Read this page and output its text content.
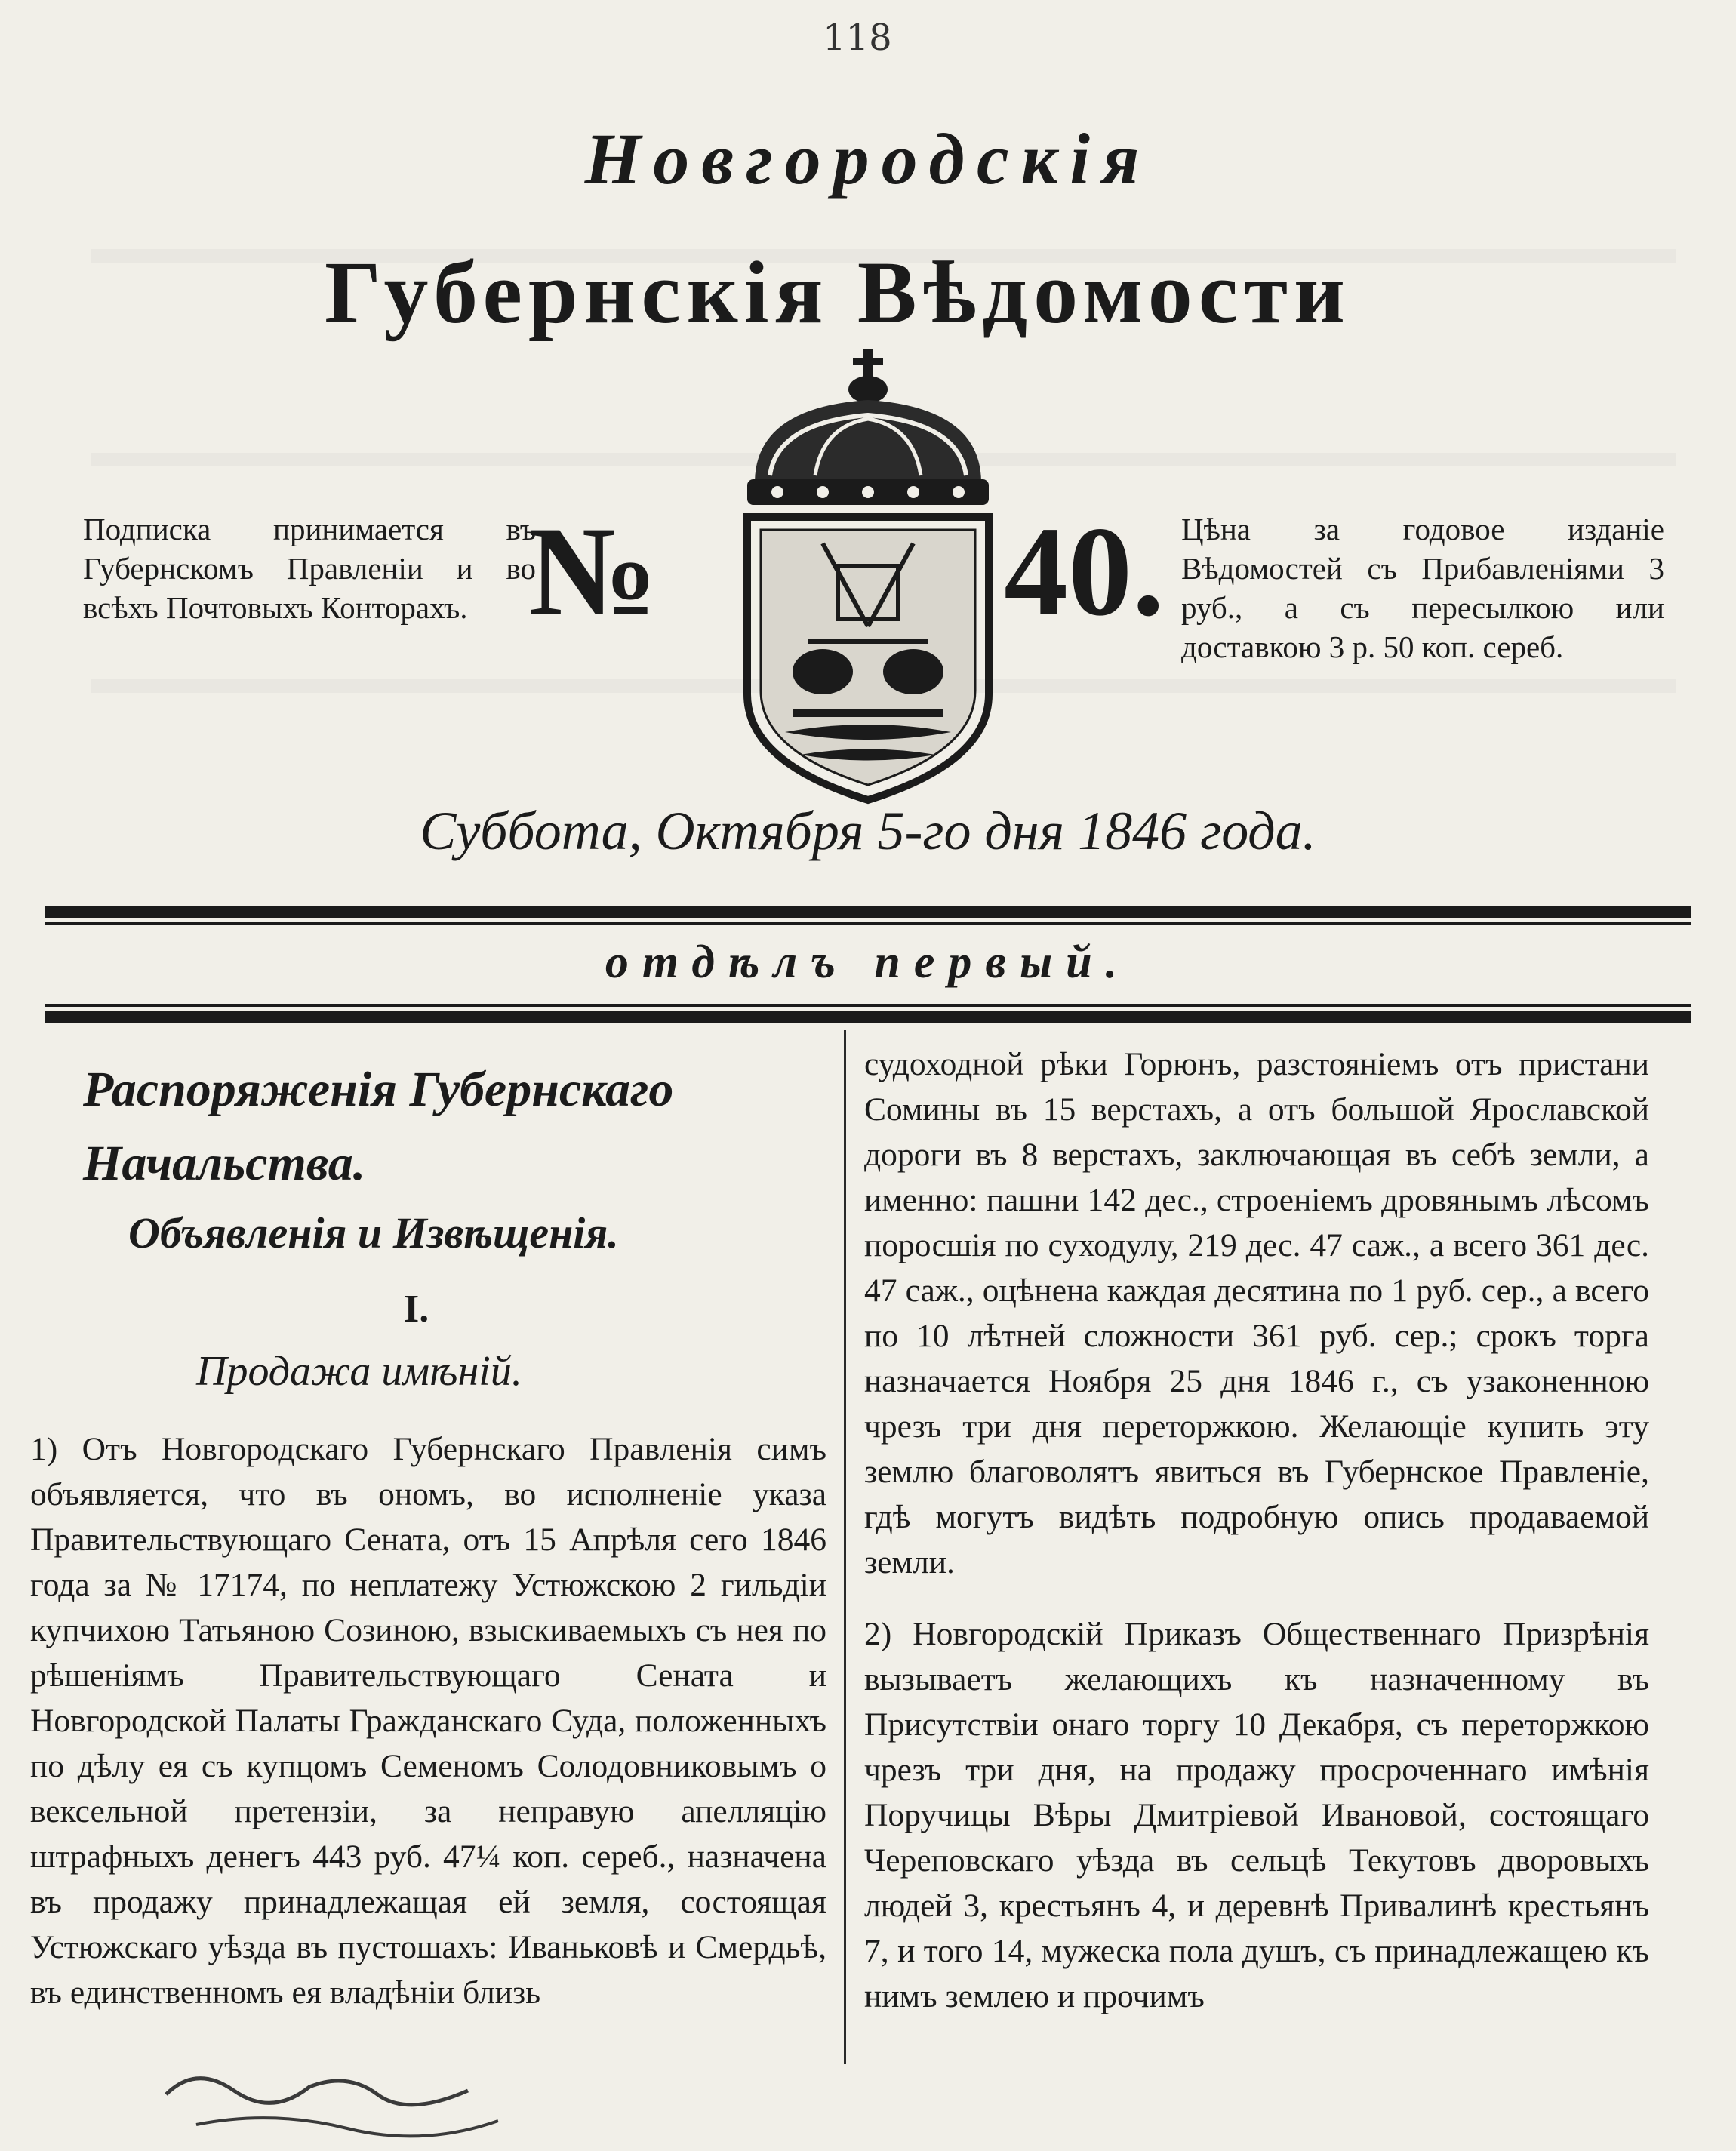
118
Новгородскія
Губернскія Вѣдомости
Подписка принимается въ Губернскомъ Правленіи и во всѣхъ Почтовыхъ Конторахъ.
Цѣна за годовое изданіе Вѣдомостей съ Прибавленіями 3 руб., а съ пересылкою или доставкою 3 р. 50 коп. сереб.
№	40.
Суббота, Октября 5-го дня 1846 года.
отдѣлъ первый.
Распоряженія Губернскаго Начальства.
Объявленія и Извѣщенія.
I.
Продажа имѣній.

1) Отъ Новгородскаго Губернскаго Правленія симъ объявляется, что въ ономъ, во исполненіе указа Правительствующаго Сената, отъ 15 Апрѣля сего 1846 года за № 17174, по неплатежу Устюжскою 2 гильдіи купчихою Татьяною Созиною, взыскиваемыхъ съ нея по рѣшеніямъ Правительствующаго Сената и Новгородской Палаты Гражданскаго Суда, положенныхъ по дѣлу ея съ купцомъ Семеномъ Солодовниковымъ о вексельной претензіи, за неправую апелляцію штрафныхъ денегъ 443 руб. 47¼ коп. сереб., назначена въ продажу принадлежащая ей земля, состоящая Устюжскаго уѣзда въ пустошахъ: Иваньковѣ и Смердьѣ, въ единственномъ ея владѣніи близь

судоходной рѣки Горюнъ, разстояніемъ отъ пристани Сомины въ 15 верстахъ, а отъ большой Ярославской дороги въ 8 верстахъ, заключающая въ себѣ земли, а именно: пашни 142 дес., строеніемъ дровянымъ лѣсомъ поросшія по суходулу, 219 дес. 47 саж., а всего 361 дес. 47 саж., оцѣнена каждая десятина по 1 руб. сер., а всего по 10 лѣтней сложности 361 руб. сер.; срокъ торга назначается Ноября 25 дня 1846 г., съ узаконенною чрезъ три дня переторжкою. Желающіе купить эту землю благоволятъ явиться въ Губернское Правленіе, гдѣ могутъ видѣть подробную опись продаваемой земли.

2) Новгородскій Приказъ Общественнаго Призрѣнія вызываетъ желающихъ къ назначенному въ Присутствіи онаго торгу 10 Декабря, съ переторжкою чрезъ три дня, на продажу просроченнаго имѣнія Поручицы Вѣры Дмитріевой Ивановой, состоящаго Череповскаго уѣзда въ сельцѣ Текутовъ дворовыхъ людей 3, крестьянъ 4, и деревнѣ Привалинѣ крестьянъ 7, и того 14, мужеска пола душъ, съ принадлежащею къ нимъ землею и прочимъ
